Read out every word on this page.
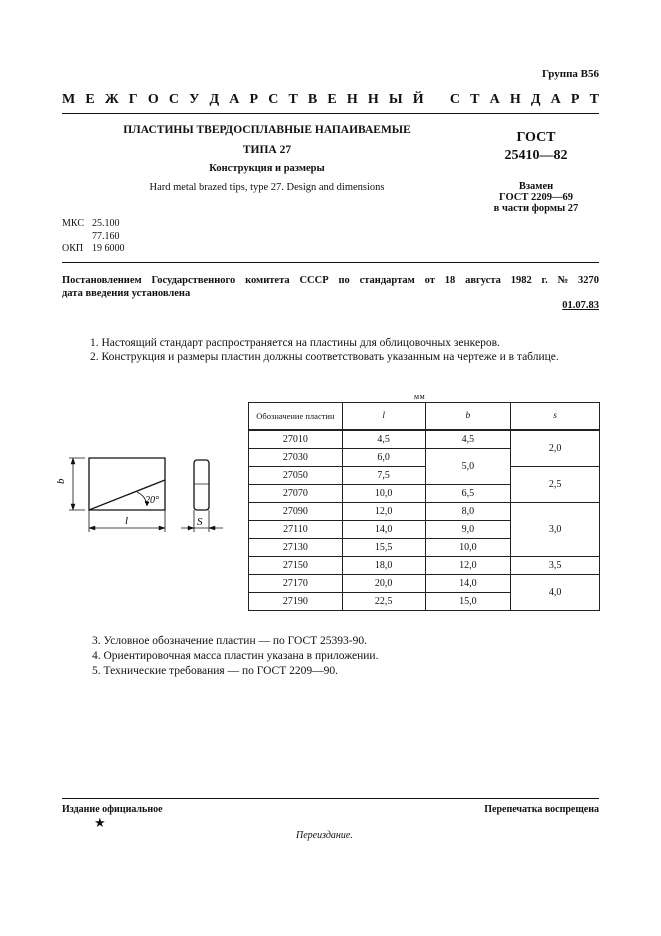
Группа В56
М Е Ж Г О С У Д А Р С Т В Е Н Н Ы Й С Т А Н Д А Р Т
ПЛАСТИНЫ ТВЕРДОСПЛАВНЫЕ НАПАИВАЕМЫЕ
ТИПА 27
Конструкция и размеры
Hard metal brazed tips, type 27. Design and dimensions
ГОСТ
25410—82
Взамен
ГОСТ 2209—69
в части формы 27
МКС 25.100
77.160
ОКП 19 6000
Постановлением Государственного комитета СССР по стандартам от 18 августа 1982 г. № 3270
дата введения установлена
01.07.83
1. Настоящий стандарт распространяется на пластины для облицовочных зенкеров.
2. Конструкция и размеры пластин должны соответствовать указанным на чертеже и в таблице.
b
20°
l	S
мм
Обозначение пластин	l	b	s
27010	4,5	4,5	2,0
27030	6,0	5,0	
27050	7,5		2,5
27070	10,0	6,5	
27090	12,0	8,0	3,0
27110	14,0	9,0	
27130	15,5	10,0	
27150	18,0	12,0	3,5
27170	20,0	14,0	4,0
27190	22,5	15,0	
3. Условное обозначение пластин — по ГОСТ 25393-90.
4. Ориентировочная масса пластин указана в приложении.
5. Технические требования — по ГОСТ 2209—90.
Издание официальное	Перепечатка воспрещена
★
Переиздание.
